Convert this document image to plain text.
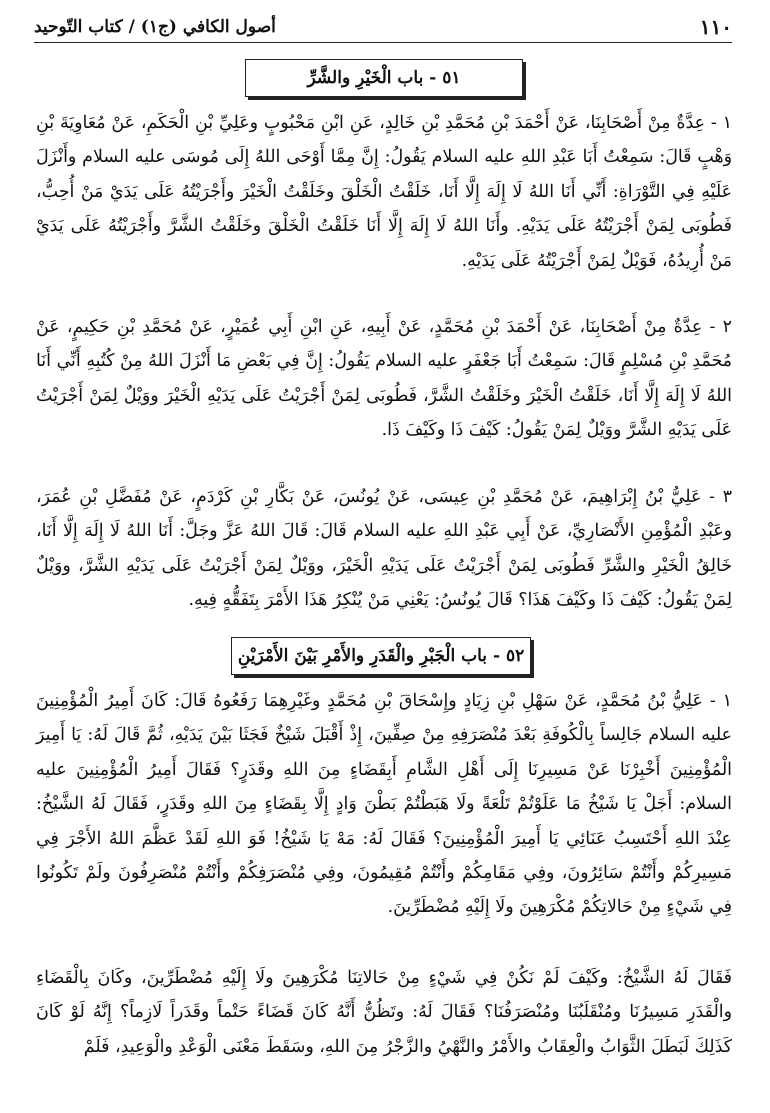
١١٠
أصول الكافي (ج١) / كتاب التّوحيد
٥١ - باب الْخَيْرِ والشَّرِّ

١ - عِدَّةٌ مِنْ أَصْحَابِنَا، عَنْ أَحْمَدَ بْنِ مُحَمَّدِ بْنِ خَالِدٍ، عَنِ ابْنِ مَحْبُوبٍ وعَلِيِّ بْنِ الْحَكَمِ، عَنْ مُعَاوِيَةَ بْنِ وَهْبٍ قَالَ: سَمِعْتُ أَبَا عَبْدِ اللهِ عليه السلام يَقُولُ: إِنَّ مِمَّا أَوْحَى اللهُ إِلَى مُوسَى عليه السلام وأَنْزَلَ عَلَيْهِ فِي التَّوْرَاةِ: أَنِّي أَنَا اللهُ لَا إِلَهَ إِلَّا أَنَا، خَلَقْتُ الْخَلْقَ وخَلَقْتُ الْخَيْرَ وأَجْرَيْتُهُ عَلَى يَدَيْ مَنْ أُحِبُّ، فَطُوبَى لِمَنْ أَجْرَيْتُهُ عَلَى يَدَيْهِ. وأَنَا اللهُ لَا إِلَهَ إِلَّا أَنَا خَلَقْتُ الْخَلْقَ وخَلَقْتُ الشَّرَّ وأَجْرَيْتُهُ عَلَى يَدَيْ مَنْ أُرِيدُهُ، فَوَيْلٌ لِمَنْ أَجْرَيْتُهُ عَلَى يَدَيْهِ.

٢ - عِدَّةٌ مِنْ أَصْحَابِنَا، عَنْ أَحْمَدَ بْنِ مُحَمَّدٍ، عَنْ أَبِيهِ، عَنِ ابْنِ أَبِي عُمَيْرٍ، عَنْ مُحَمَّدِ بْنِ حَكِيمٍ، عَنْ مُحَمَّدِ بْنِ مُسْلِمٍ قَالَ: سَمِعْتُ أَبَا جَعْفَرٍ عليه السلام يَقُولُ: إِنَّ فِي بَعْضِ مَا أَنْزَلَ اللهُ مِنْ كُتُبِهِ أَنِّي أَنَا اللهُ لَا إِلَهَ إِلَّا أَنَا، خَلَقْتُ الْخَيْرَ وخَلَقْتُ الشَّرَّ، فَطُوبَى لِمَنْ أَجْرَيْتُ عَلَى يَدَيْهِ الْخَيْرَ ووَيْلٌ لِمَنْ أَجْرَيْتُ عَلَى يَدَيْهِ الشَّرَّ ووَيْلٌ لِمَنْ يَقُولُ: كَيْفَ ذَا وكَيْفَ ذَا.

٣ - عَلِيُّ بْنُ إِبْرَاهِيمَ، عَنْ مُحَمَّدِ بْنِ عِيسَى، عَنْ يُونُسَ، عَنْ بَكَّارِ بْنِ كَرْدَمٍ، عَنْ مُفَضَّلِ بْنِ عُمَرَ، وعَبْدِ الْمُؤْمِنِ الأَنْصَارِيِّ، عَنْ أَبِي عَبْدِ اللهِ عليه السلام قَالَ: قَالَ اللهُ عَزَّ وجَلَّ: أَنَا اللهُ لَا إِلَهَ إِلَّا أَنَا، خَالِقُ الْخَيْرِ والشَّرِّ فَطُوبَى لِمَنْ أَجْرَيْتُ عَلَى يَدَيْهِ الْخَيْرَ، ووَيْلٌ لِمَنْ أَجْرَيْتُ عَلَى يَدَيْهِ الشَّرَّ، ووَيْلٌ لِمَنْ يَقُولُ: كَيْفَ ذَا وكَيْفَ هَذَا؟ قَالَ يُونُسُ: يَعْنِي مَنْ يُنْكِرُ هَذَا الأَمْرَ بِتَفَقُّهٍ فِيهِ.

٥٢ - باب الْجَبْرِ والْقَدَرِ والأَمْرِ بَيْنَ الأَمْرَيْنِ

١ - عَلِيُّ بْنُ مُحَمَّدٍ، عَنْ سَهْلِ بْنِ زِيَادٍ وإِسْحَاقَ بْنِ مُحَمَّدٍ وغَيْرِهِمَا رَفَعُوهُ قَالَ: كَانَ أَمِيرُ الْمُؤْمِنِينَ عليه السلام جَالِساً بِالْكُوفَةِ بَعْدَ مُنْصَرَفِهِ مِنْ صِفِّينَ، إِذْ أَقْبَلَ شَيْخٌ فَجَثَا بَيْنَ يَدَيْهِ، ثُمَّ قَالَ لَهُ: يَا أَمِيرَ الْمُؤْمِنِينَ أَخْبِرْنَا عَنْ مَسِيرِنَا إِلَى أَهْلِ الشَّامِ أَبِقَضَاءٍ مِنَ اللهِ وقَدَرٍ؟ فَقَالَ أَمِيرُ الْمُؤْمِنِينَ عليه السلام: أَجَلْ يَا شَيْخُ مَا عَلَوْتُمْ تَلْعَةً ولَا هَبَطْتُمْ بَطْنَ وَادٍ إِلَّا بِقَضَاءٍ مِنَ اللهِ وقَدَرٍ، فَقَالَ لَهُ الشَّيْخُ: عِنْدَ اللهِ أَحْتَسِبُ عَنَائِي يَا أَمِيرَ الْمُؤْمِنِينَ؟ فَقَالَ لَهُ: مَهْ يَا شَيْخُ! فَوَ اللهِ لَقَدْ عَظَّمَ اللهُ الأَجْرَ فِي مَسِيرِكُمْ وأَنْتُمْ سَائِرُونَ، وفِي مَقَامِكُمْ وأَنْتُمْ مُقِيمُونَ، وفِي مُنْصَرَفِكُمْ وأَنْتُمْ مُنْصَرِفُونَ ولَمْ تَكُونُوا فِي شَيْءٍ مِنْ حَالاتِكُمْ مُكْرَهِينَ ولَا إِلَيْهِ مُضْطَرِّينَ.

فَقَالَ لَهُ الشَّيْخُ: وكَيْفَ لَمْ نَكُنْ فِي شَيْءٍ مِنْ حَالاتِنَا مُكْرَهِينَ ولَا إِلَيْهِ مُضْطَرِّينَ، وكَانَ بِالْقَضَاءِ والْقَدَرِ مَسِيرُنَا ومُنْقَلَبُنَا ومُنْصَرَفُنَا؟ فَقَالَ لَهُ: وتَظُنُّ أَنَّهُ كَانَ قَضَاءً حَتْماً وقَدَراً لَازِماً؟ إِنَّهُ لَوْ كَانَ كَذَلِكَ لَبَطَلَ الثَّوَابُ والْعِقَابُ والأَمْرُ والنَّهْيُ والزَّجْرُ مِنَ اللهِ، وسَقَطَ مَعْنَى الْوَعْدِ والْوَعِيدِ، فَلَمْ
